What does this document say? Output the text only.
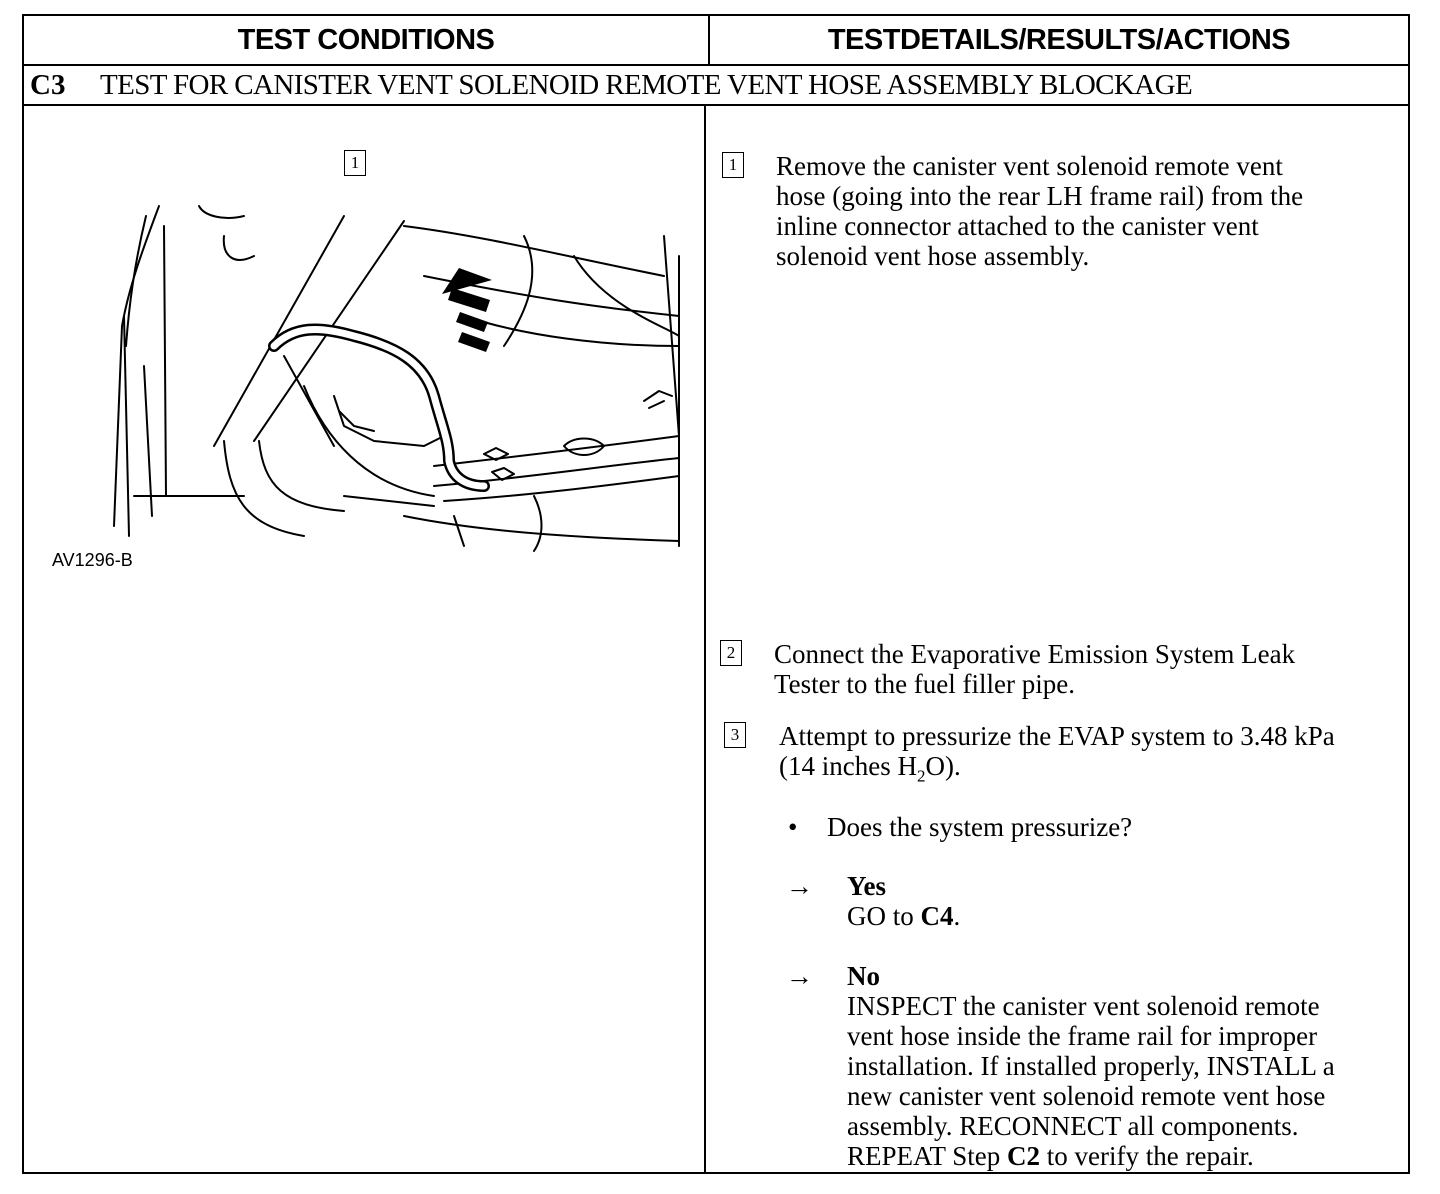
TEST CONDITIONS	TESTDETAILS/RESULTS/ACTIONS
C3	TEST FOR CANISTER VENT SOLENOID REMOTE VENT HOSE ASSEMBLY BLOCKAGE
1
AV1296-B
1 Remove the canister vent solenoid remote vent
hose (going into the rear LH frame rail) from the
inline connector attached to the canister vent
solenoid vent hose assembly.
2 Connect the Evaporative Emission System Leak
Tester to the fuel filler pipe.
3 Attempt to pressurize the EVAP system to 3.48 kPa
(14 inches $H_2O$).
• Does the system pressurize?
→ Yes
GO to C4.
→ No
INSPECT the canister vent solenoid remote
vent hose inside the frame rail for improper
installation. If installed properly, INSTALL a
new canister vent solenoid remote vent hose
assembly. RECONNECT all components.
REPEAT Step C2 to verify the repair.
